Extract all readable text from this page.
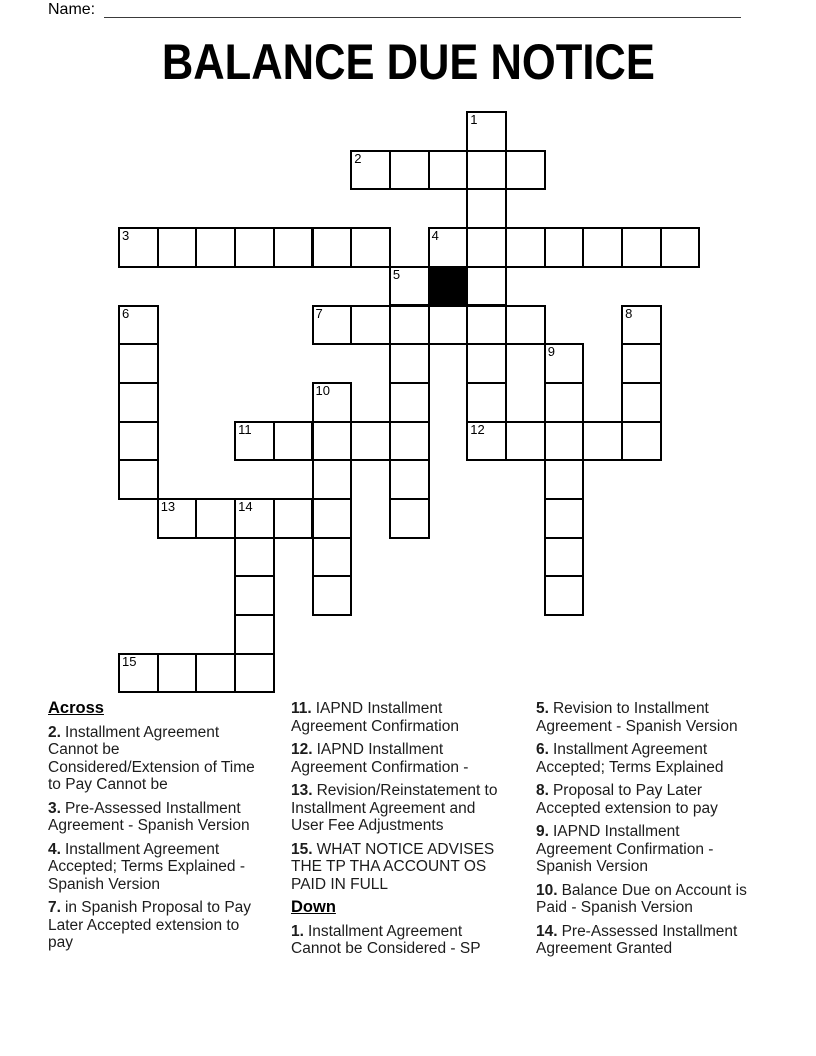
Name:
BALANCE DUE NOTICE
1
2
3	4
5
6	7	8
9
10
11	12
13	14
15
Across

2. Installment Agreement Cannot be Considered/Extension of Time to Pay Cannot be

3. Pre-Assessed Installment Agreement - Spanish Version

4. Installment Agreement Accepted; Terms Explained - Spanish Version

7. in Spanish Proposal to Pay Later Accepted extension to pay

11. IAPND Installment Agreement Confirmation

12. IAPND Installment Agreement Confirmation -

13. Revision/Reinstatement to Installment Agreement and User Fee Adjustments

15. WHAT NOTICE ADVISES THE TP THA ACCOUNT OS PAID IN FULL

Down

1. Installment Agreement Cannot be Considered - SP

5. Revision to Installment Agreement - Spanish Version

6. Installment Agreement Accepted; Terms Explained

8. Proposal to Pay Later Accepted extension to pay

9. IAPND Installment Agreement Confirmation - Spanish Version

10. Balance Due on Account is Paid - Spanish Version

14. Pre-Assessed Installment Agreement Granted
